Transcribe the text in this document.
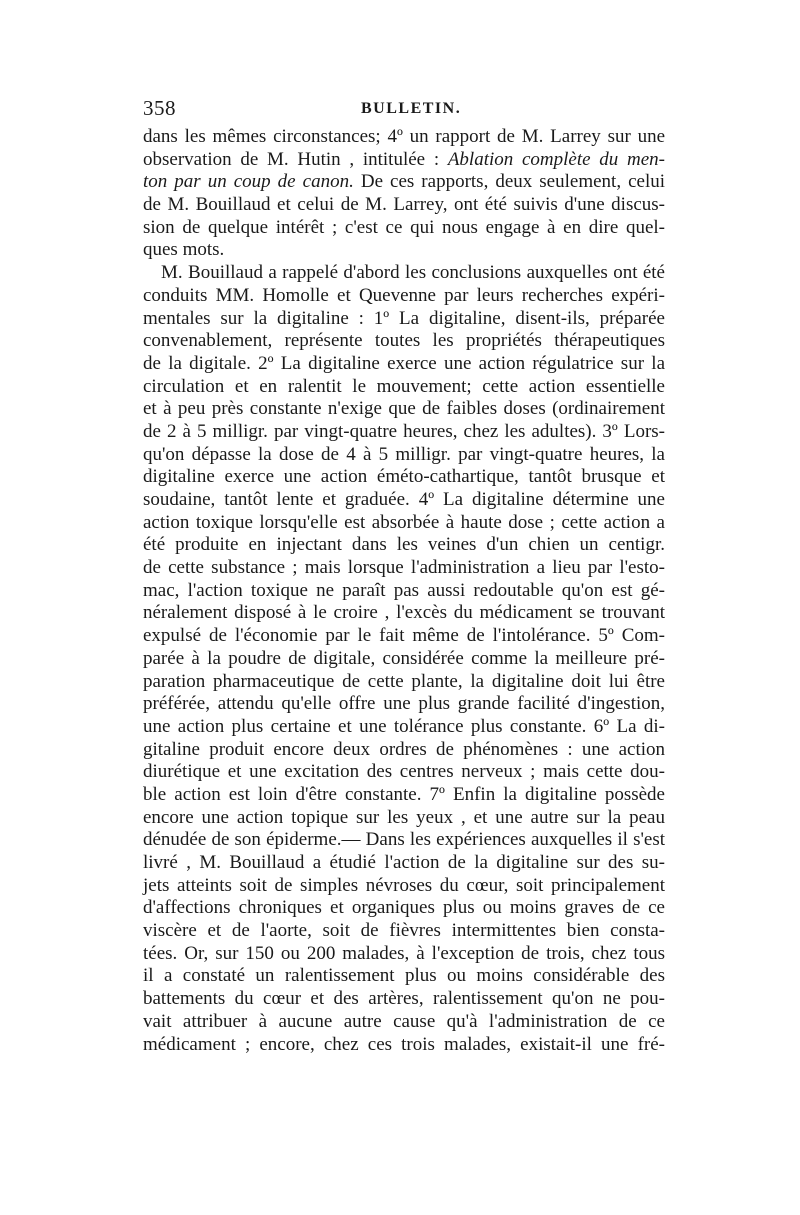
358	BULLETIN.
dans les mêmes circonstances; 4º un rapport de M. Larrey sur une
observation de M. Hutin , intitulée : Ablation complète du men-
ton par un coup de canon. De ces rapports, deux seulement, celui
de M. Bouillaud et celui de M. Larrey, ont été suivis d'une discus-
sion de quelque intérêt ; c'est ce qui nous engage à en dire quel-
ques mots.
M. Bouillaud a rappelé d'abord les conclusions auxquelles ont été
conduits MM. Homolle et Quevenne par leurs recherches expéri-
mentales sur la digitaline : 1º La digitaline, disent-ils, préparée
convenablement, représente toutes les propriétés thérapeutiques
de la digitale. 2º La digitaline exerce une action régulatrice sur la
circulation et en ralentit le mouvement; cette action essentielle
et à peu près constante n'exige que de faibles doses (ordinairement
de 2 à 5 milligr. par vingt-quatre heures, chez les adultes). 3º Lors-
qu'on dépasse la dose de 4 à 5 milligr. par vingt-quatre heures, la
digitaline exerce une action éméto-cathartique, tantôt brusque et
soudaine, tantôt lente et graduée. 4º La digitaline détermine une
action toxique lorsqu'elle est absorbée à haute dose ; cette action a
été produite en injectant dans les veines d'un chien un centigr.
de cette substance ; mais lorsque l'administration a lieu par l'esto-
mac, l'action toxique ne paraît pas aussi redoutable qu'on est gé-
néralement disposé à le croire , l'excès du médicament se trouvant
expulsé de l'économie par le fait même de l'intolérance. 5º Com-
parée à la poudre de digitale, considérée comme la meilleure pré-
paration pharmaceutique de cette plante, la digitaline doit lui être
préférée, attendu qu'elle offre une plus grande facilité d'ingestion,
une action plus certaine et une tolérance plus constante. 6º La di-
gitaline produit encore deux ordres de phénomènes : une action
diurétique et une excitation des centres nerveux ; mais cette dou-
ble action est loin d'être constante. 7º Enfin la digitaline possède
encore une action topique sur les yeux , et une autre sur la peau
dénudée de son épiderme.— Dans les expériences auxquelles il s'est
livré , M. Bouillaud a étudié l'action de la digitaline sur des su-
jets atteints soit de simples névroses du cœur, soit principalement
d'affections chroniques et organiques plus ou moins graves de ce
viscère et de l'aorte, soit de fièvres intermittentes bien consta-
tées. Or, sur 150 ou 200 malades, à l'exception de trois, chez tous
il a constaté un ralentissement plus ou moins considérable des
battements du cœur et des artères, ralentissement qu'on ne pou-
vait attribuer à aucune autre cause qu'à l'administration de ce
médicament ; encore, chez ces trois malades, existait-il une fré-
